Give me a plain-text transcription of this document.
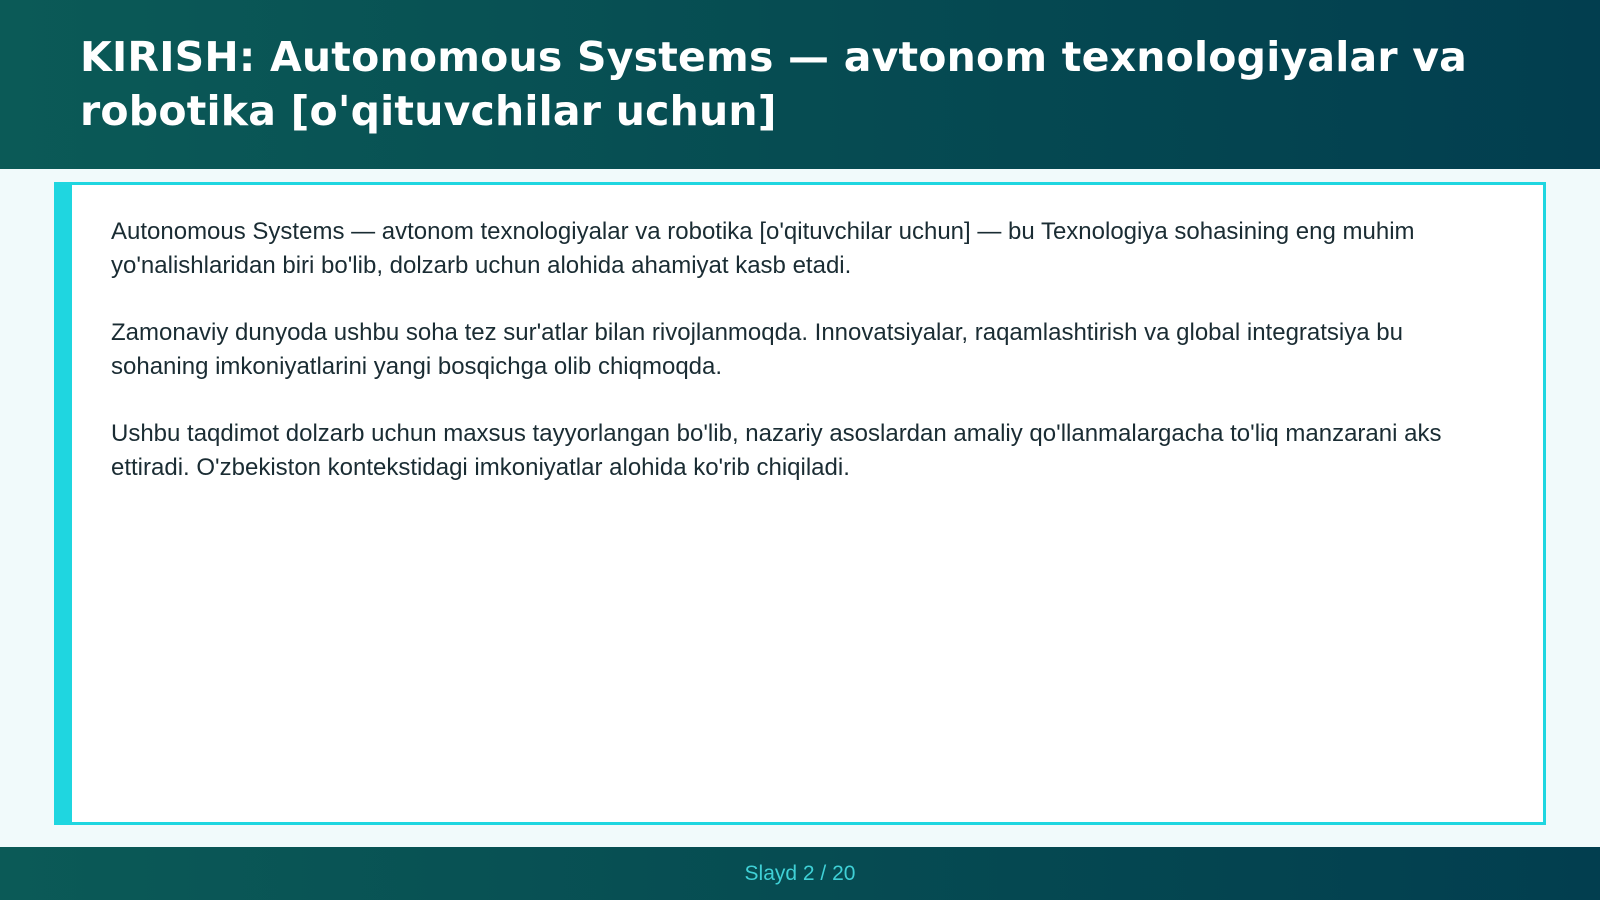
KIRISH: Autonomous Systems — avtonom texnologiyalar va robotika [o'qituvchilar uchun]

Autonomous Systems — avtonom texnologiyalar va robotika [o'qituvchilar uchun] — bu Texnologiya sohasining eng muhim yo'nalishlaridan biri bo'lib, dolzarb uchun alohida ahamiyat kasb etadi.

Zamonaviy dunyoda ushbu soha tez sur'atlar bilan rivojlanmoqda. Innovatsiyalar, raqamlashtirish va global integratsiya bu sohaning imkoniyatlarini yangi bosqichga olib chiqmoqda.

Ushbu taqdimot dolzarb uchun maxsus tayyorlangan bo'lib, nazariy asoslardan amaliy qo'llanmalargacha to'liq manzarani aks ettiradi. O'zbekiston kontekstidagi imkoniyatlar alohida ko'rib chiqiladi.

Slayd 2 / 20
